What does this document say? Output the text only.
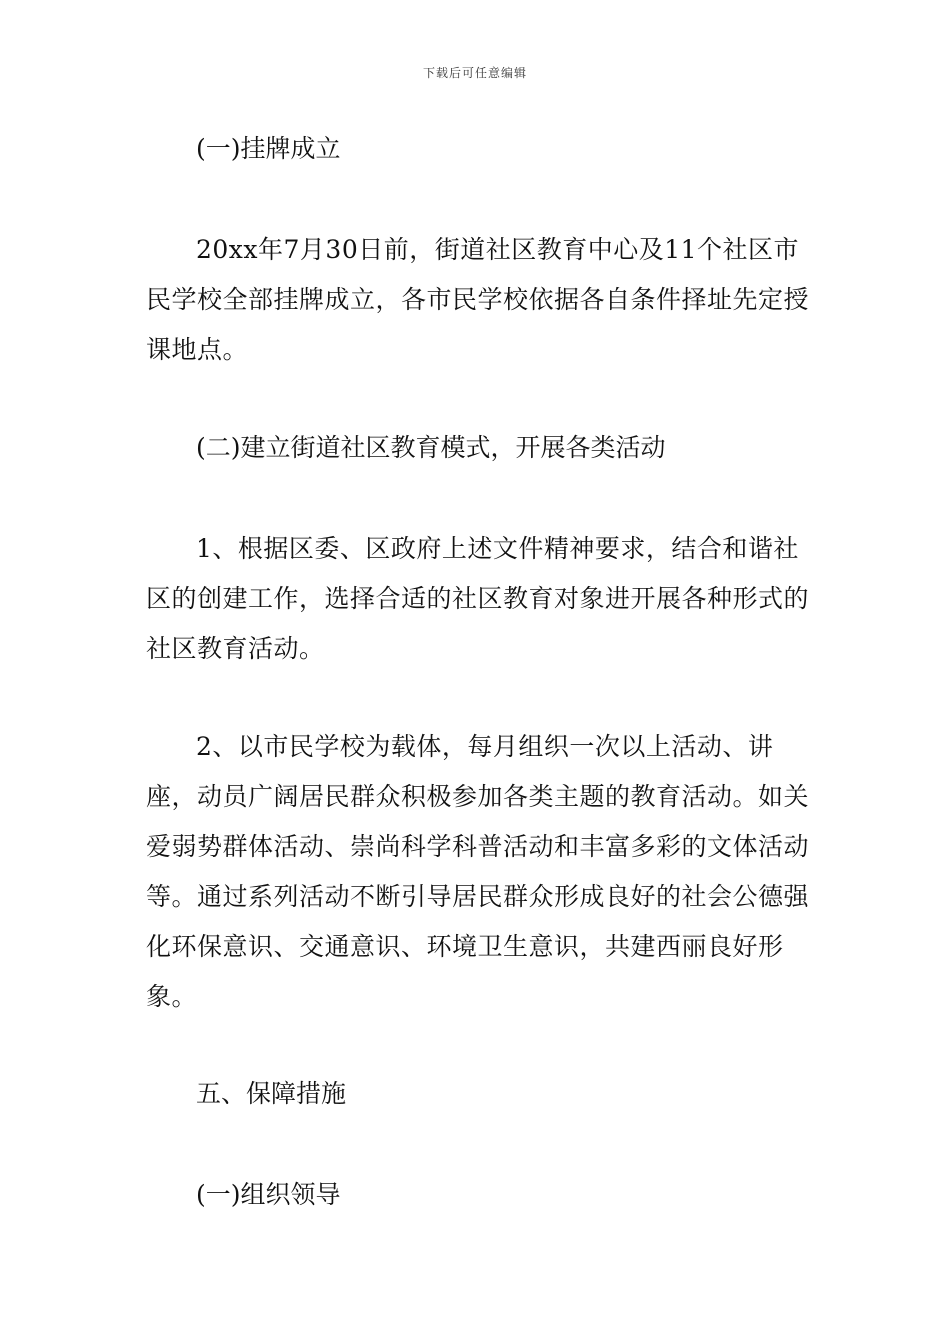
下载后可任意编辑
(一)挂牌成立
20xx年7月30日前，街道社区教育中心及11个社区市民学校全部挂牌成立，各市民学校依据各自条件择址先定授课地点。
(二)建立街道社区教育模式，开展各类活动
1、根据区委、区政府上述文件精神要求，结合和谐社区的创建工作，选择合适的社区教育对象进开展各种形式的社区教育活动。
2、以市民学校为载体，每月组织一次以上活动、讲座，动员广阔居民群众积极参加各类主题的教育活动。如关爱弱势群体活动、崇尚科学科普活动和丰富多彩的文体活动等。通过系列活动不断引导居民群众形成良好的社会公德强化环保意识、交通意识、环境卫生意识，共建西丽良好形象。
五、保障措施
(一)组织领导
